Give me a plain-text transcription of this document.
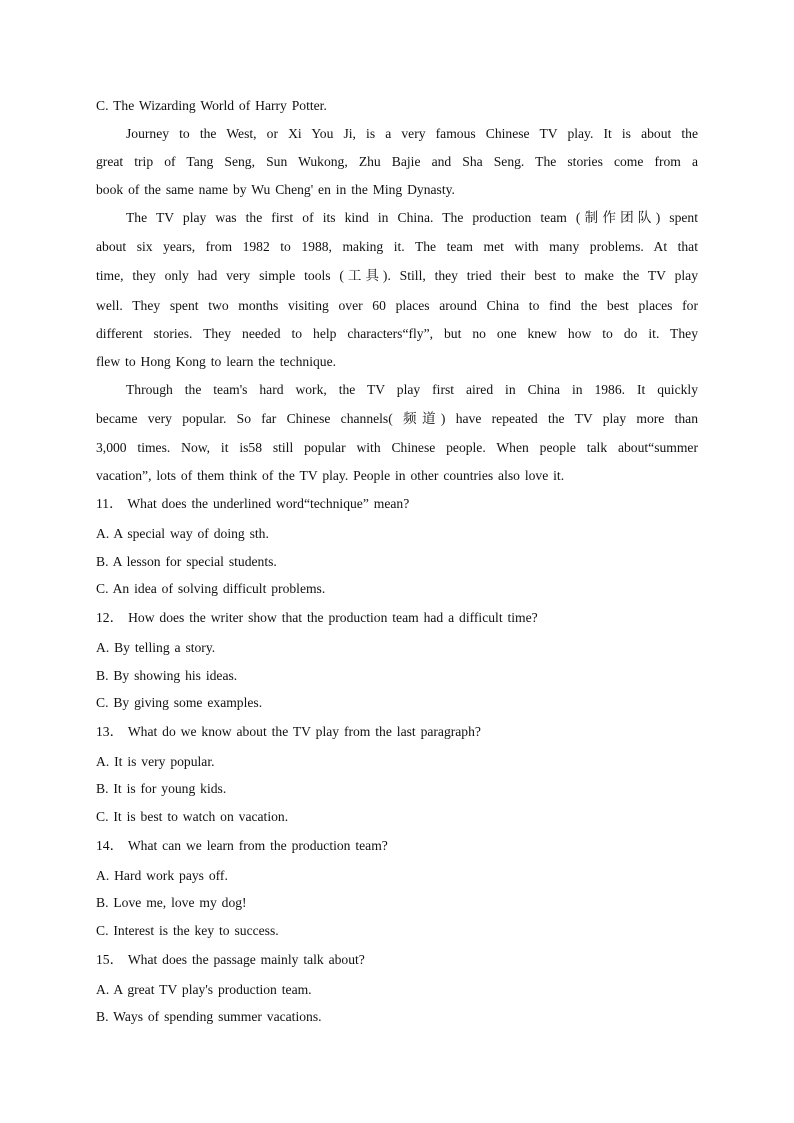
C. The Wizarding World of Harry Potter.
Journey to the West, or Xi You Ji, is a very famous Chinese TV play. It is about the
great trip of Tang Seng, Sun Wukong, Zhu Bajie and Sha Seng. The stories come from a
book of the same name by Wu Cheng' en in the Ming Dynasty.
The TV play was the first of its kind in China. The production team (制作团队) spent
about six years, from 1982 to 1988, making it. The team met with many problems. At that
time, they only had very simple tools (工具). Still, they tried their best to make the TV play
well. They spent two months visiting over 60 places around China to find the best places for
different stories. They needed to help characters“fly”, but no one knew how to do it. They
flew to Hong Kong to learn the technique.
Through the team's hard work, the TV play first aired in China in 1986. It quickly
became very popular. So far Chinese channels( 频道) have repeated the TV play more than
3,000 times. Now, it is58 still popular with Chinese people. When people talk about“summer
vacation”, lots of them think of the TV play. People in other countries also love it.
11． What does the underlined word“technique” mean?
A. A special way of doing sth.
B. A lesson for special students.
C. An idea of solving difficult problems.
12． How does the writer show that the production team had a difficult time?
A. By telling a story.
B. By showing his ideas.
C. By giving some examples.
13． What do we know about the TV play from the last paragraph?
A. It is very popular.
B. It is for young kids.
C. It is best to watch on vacation.
14． What can we learn from the production team?
A. Hard work pays off.
B. Love me, love my dog!
C. Interest is the key to success.
15． What does the passage mainly talk about?
A. A great TV play's production team.
B. Ways of spending summer vacations.
